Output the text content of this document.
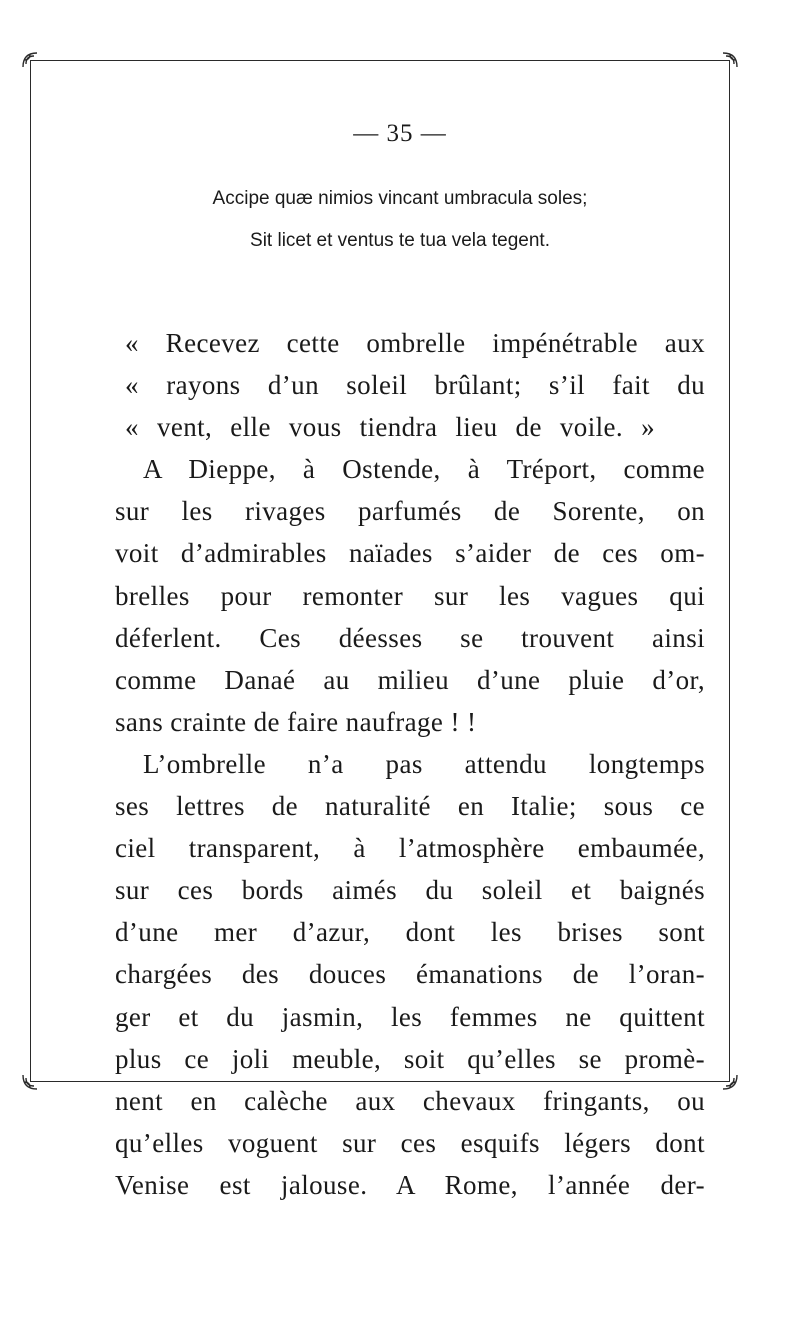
— 35 —
Accipe quæ nimios vincant umbracula soles;
Sit licet et ventus te tua vela tegent.
« Recevez cette ombrelle impénétrable aux
« rayons d’un soleil brûlant; s’il fait du
« vent, elle vous tiendra lieu de voile. »
A Dieppe, à Ostende, à Tréport, comme
sur les rivages parfumés de Sorente, on
voit d’admirables naïades s’aider de ces om-
brelles pour remonter sur les vagues qui
déferlent. Ces déesses se trouvent ainsi
comme Danaé au milieu d’une pluie d’or,
sans crainte de faire naufrage ! !
L’ombrelle n’a pas attendu longtemps
ses lettres de naturalité en Italie; sous ce
ciel transparent, à l’atmosphère embaumée,
sur ces bords aimés du soleil et baignés
d’une mer d’azur, dont les brises sont
chargées des douces émanations de l’oran-
ger et du jasmin, les femmes ne quittent
plus ce joli meuble, soit qu’elles se promè-
nent en calèche aux chevaux fringants, ou
qu’elles voguent sur ces esquifs légers dont
Venise est jalouse. A Rome, l’année der-
